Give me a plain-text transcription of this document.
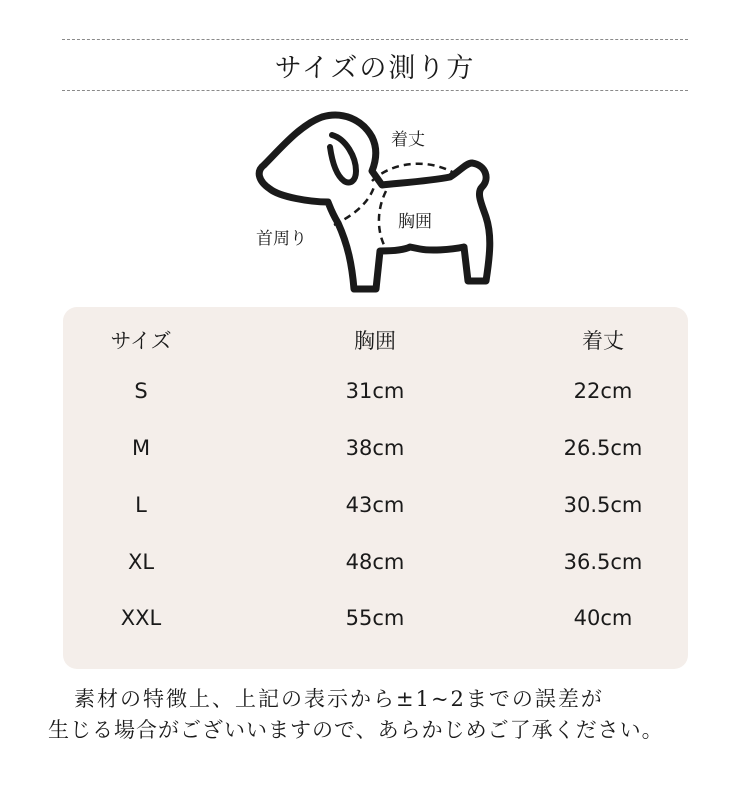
サイズの測り方
着丈
胸囲
首周り
サイズ	胸囲	着丈
S	31cm	22cm
M	38cm	26.5cm
L	43cm	30.5cm
XL	48cm	36.5cm
XXL	55cm	40cm
素材の特徴上、上記の表示から±1~2までの誤差が
生じる場合がございいますので、あらかじめご了承ください。
